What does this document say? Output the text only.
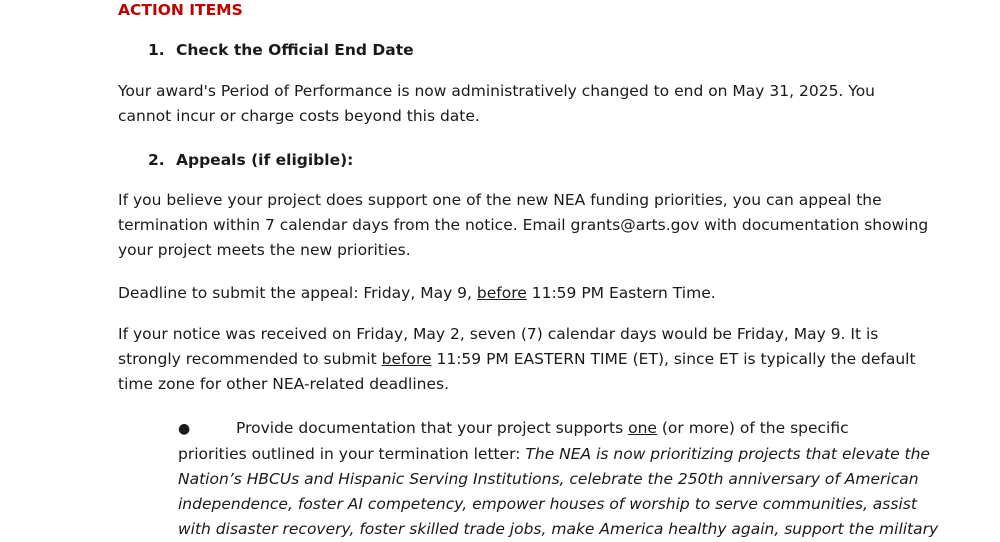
ACTION ITEMS
1. Check the Official End Date
Your award's Period of Performance is now administratively changed to end on May 31, 2025. You
cannot incur or charge costs beyond this date.
2. Appeals (if eligible):
If you believe your project does support one of the new NEA funding priorities, you can appeal the
termination within 7 calendar days from the notice. Email grants@arts.gov with documentation showing
your project meets the new priorities.
Deadline to submit the appeal: Friday, May 9, before 11:59 PM Eastern Time.
If your notice was received on Friday, May 2, seven (7) calendar days would be Friday, May 9. It is
strongly recommended to submit before 11:59 PM EASTERN TIME (ET), since ET is typically the default
time zone for other NEA-related deadlines.
●	Provide documentation that your project supports one (or more) of the specific
priorities outlined in your termination letter: The NEA is now prioritizing projects that elevate the
Nation’s HBCUs and Hispanic Serving Institutions, celebrate the 250th anniversary of American
independence, foster AI competency, empower houses of worship to serve communities, assist
with disaster recovery, foster skilled trade jobs, make America healthy again, support the military
